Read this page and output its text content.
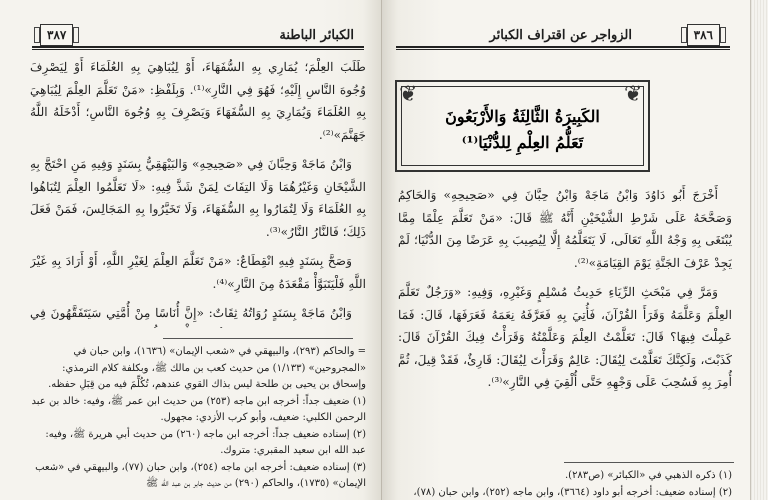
٣٨٧	الكبائر الباطنة

طَلَبَ العِلْمَ؛ يُمَارِي بِهِ السُّفَهَاءَ، أَوْ لِيُبَاهِيَ بِهِ العُلَمَاءَ أَوْ لِيَصْرِفَ وُجُوهَ النَّاسِ إِلَيْهِ؛ فَهُوَ فِي النَّارِ»⁽¹⁾. وَبِلَفْظِ: «مَنْ تَعَلَّمَ العِلْمَ لِيُبَاهِيَ بِهِ العُلَمَاءَ وَيُمَارِيَ بِهِ السُّفَهَاءَ وَيَصْرِفَ بِهِ وُجُوهَ النَّاسِ؛ أَدْخَلَهُ اللَّهُ جَهَنَّمَ»⁽²⁾.

وَابْنُ مَاجَهْ وَحِبَّانَ فِي «صَحِيحِهِ» وَالبَيْهَقِيُّ بِسَنَدٍ وَفِيهِ مَنِ احْتَجَّ بِهِ الشَّيْخَانِ وَغَيْرُهُمَا وَلَا التِفَاتَ لِمَنْ شَذَّ فِيهِ: «لَا تَعَلَّمُوا العِلْمَ لِتُبَاهُوا بِهِ العُلَمَاءَ وَلَا لِتُمَارُوا بِهِ السُّفَهَاءَ، وَلَا تَخَيَّرُوا بِهِ المَجَالِسَ، فَمَنْ فَعَلَ ذَلِكَ؛ فَالنَّارُ النَّارُ»⁽³⁾.

وَصَحَّ بِسَنَدٍ فِيهِ انْقِطَاعٌ: «مَنْ تَعَلَّمَ العِلْمَ لِغَيْرِ اللَّهِ، أَوْ أَرَادَ بِهِ غَيْرَ اللَّهِ فَلْيَتَبَوَّأْ مَقْعَدَهُ مِنَ النَّارِ»⁽⁴⁾.

وَابْنُ مَاجَهْ بِسَنَدٍ رُوَاتُهُ ثِقَاتٌ: «إِنَّ أُنَاسًا مِنْ أُمَّتِي سَيَتَفَقَّهُونَ فِي

= والحاكم (٢٩٣)، والبيهقي في «شعب الإيمان» (١٦٣٦)، وابن حبان في «المجروحين» (١/١٣٣) من حديث كعب بن مالك ﷺ، وبكلفة كلام الترمذي: وإسحاق بن يحيى بن طلحة ليس بذاك القوي عندهم، تُكُلِّمَ فيه من قِبَلِ حفظه.

(١) ضعيف جداً: أخرجه ابن ماجه (٢٥٣) من حديث ابن عمر ﷺ، وفيه: خالد بن عبد الرحمن الكلبي: ضعيف، وأبو كرب الأزدي: مجهول.

(٢) إسناده ضعيف جداً: أخرجه ابن ماجه (٢٦٠) من حديث أبي هريرة ﷺ، وفيه: عبد الله ابن سعيد المقبري: متروك.

(٣) إسناده ضعيف: أخرجه ابن ماجه (٢٥٤)، وابن حبان (٧٧)، والبيهقي في «شعب الإيمان» (١٧٣٥)، والحاكم (٢٩٠) من حديث جابر بن عبد الله ﷺ

الزواجر عن اقتراف الكبائر	٣٨٦

أَخْرَجَ أَبُو دَاوُدَ وَابْنُ مَاجَهْ وَابْنُ حِبَّانَ فِي «صَحِيحِهِ» وَالحَاكِمُ وَصَحَّحَهُ عَلَى شَرْطِ الشَّيْخَيْنِ أَنَّهُ ﷺ قَالَ: «مَنْ تَعَلَّمَ عِلْمًا مِمَّا يُبْتَغَى بِهِ وَجْهُ اللَّهِ تَعَالَى، لَا يَتَعَلَّمُهُ إِلَّا لِيُصِيبَ بِهِ عَرَضًا مِنَ الدُّنْيَا؛ لَمْ يَجِدْ عَرْفَ الجَنَّةِ يَوْمَ القِيَامَةِ»⁽²⁾.

وَمَرَّ فِي مَبْحَثِ الرِّيَاءِ حَدِيثُ مُسْلِمٍ وَغَيْرِهِ، وَفِيهِ: «وَرَجُلٌ تَعَلَّمَ العِلْمَ وَعَلَّمَهُ وَقَرَأَ القُرْآنَ، فَأُتِيَ بِهِ فَعَرَّفَهُ نِعَمَهُ فَعَرَفَهَا، قَالَ: فَمَا عَمِلْتَ فِيهَا؟ قَالَ: تَعَلَّمْتُ العِلْمَ وَعَلَّمْتُهُ وَقَرَأْتُ فِيكَ القُرْآنَ قَالَ: كَذَبْتَ، وَلَكِنَّكَ تَعَلَّمْتَ لِيُقَالَ: عَالِمٌ وَقَرَأْتَ لِيُقَالَ: قَارِئٌ، فَقَدْ قِيلَ، ثُمَّ أُمِرَ بِهِ فَسُحِبَ عَلَى وَجْهِهِ حَتَّى أُلْقِيَ فِي النَّارِ»⁽³⁾.

(١) ذكره الذهبي في «الكبائر» (ص٢٨٣).

(٢) إسناده ضعيف: أخرجه أبو داود (٣٦٦٤)، وابن ماجه (٢٥٢)، وابن حبان (٧٨)،

❦	❦
الكَبِيرَةُ الثَّالِثَةُ وَالأَرْبَعُونَ
تَعَلُّمُ العِلْمِ لِلدُّنْيَا⁽¹⁾
